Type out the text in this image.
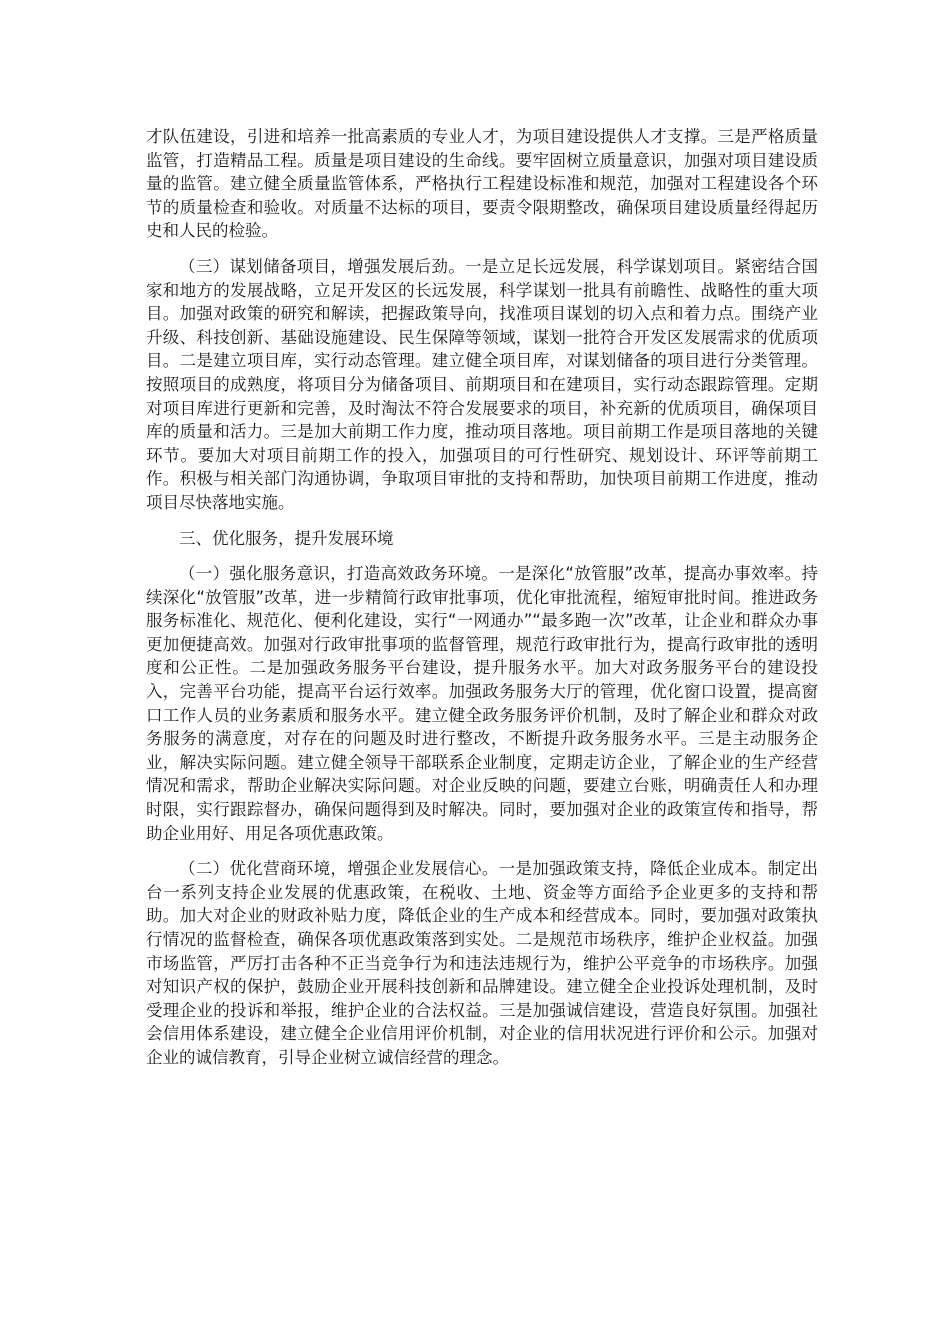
才队伍建设，引进和培养一批高素质的专业人才，为项目建设提供人才支撑。三是严格质量监管，打造精品工程。质量是项目建设的生命线。要牢固树立质量意识，加强对项目建设质量的监管。建立健全质量监管体系，严格执行工程建设标准和规范，加强对工程建设各个环节的质量检查和验收。对质量不达标的项目，要责令限期整改，确保项目建设质量经得起历史和人民的检验。

（三）谋划储备项目，增强发展后劲。一是立足长远发展，科学谋划项目。紧密结合国家和地方的发展战略，立足开发区的长远发展，科学谋划一批具有前瞻性、战略性的重大项目。加强对政策的研究和解读，把握政策导向，找准项目谋划的切入点和着力点。围绕产业升级、科技创新、基础设施建设、民生保障等领域，谋划一批符合开发区发展需求的优质项目。二是建立项目库，实行动态管理。建立健全项目库，对谋划储备的项目进行分类管理。按照项目的成熟度，将项目分为储备项目、前期项目和在建项目，实行动态跟踪管理。定期对项目库进行更新和完善，及时淘汰不符合发展要求的项目，补充新的优质项目，确保项目库的质量和活力。三是加大前期工作力度，推动项目落地。项目前期工作是项目落地的关键环节。要加大对项目前期工作的投入，加强项目的可行性研究、规划设计、环评等前期工作。积极与相关部门沟通协调，争取项目审批的支持和帮助，加快项目前期工作进度，推动项目尽快落地实施。

三、优化服务，提升发展环境

（一）强化服务意识，打造高效政务环境。一是深化“放管服”改革，提高办事效率。持续深化“放管服”改革，进一步精简行政审批事项，优化审批流程，缩短审批时间。推进政务服务标准化、规范化、便利化建设，实行“一网通办”“最多跑一次”改革，让企业和群众办事更加便捷高效。加强对行政审批事项的监督管理，规范行政审批行为，提高行政审批的透明度和公正性。二是加强政务服务平台建设，提升服务水平。加大对政务服务平台的建设投入，完善平台功能，提高平台运行效率。加强政务服务大厅的管理，优化窗口设置，提高窗口工作人员的业务素质和服务水平。建立健全政务服务评价机制，及时了解企业和群众对政务服务的满意度，对存在的问题及时进行整改，不断提升政务服务水平。三是主动服务企业，解决实际问题。建立健全领导干部联系企业制度，定期走访企业，了解企业的生产经营情况和需求，帮助企业解决实际问题。对企业反映的问题，要建立台账，明确责任人和办理时限，实行跟踪督办，确保问题得到及时解决。同时，要加强对企业的政策宣传和指导，帮助企业用好、用足各项优惠政策。

（二）优化营商环境，增强企业发展信心。一是加强政策支持，降低企业成本。制定出台一系列支持企业发展的优惠政策，在税收、土地、资金等方面给予企业更多的支持和帮助。加大对企业的财政补贴力度，降低企业的生产成本和经营成本。同时，要加强对政策执行情况的监督检查，确保各项优惠政策落到实处。二是规范市场秩序，维护企业权益。加强市场监管，严厉打击各种不正当竞争行为和违法违规行为，维护公平竞争的市场秩序。加强对知识产权的保护，鼓励企业开展科技创新和品牌建设。建立健全企业投诉处理机制，及时受理企业的投诉和举报，维护企业的合法权益。三是加强诚信建设，营造良好氛围。加强社会信用体系建设，建立健全企业信用评价机制，对企业的信用状况进行评价和公示。加强对企业的诚信教育，引导企业树立诚信经营的理念。
